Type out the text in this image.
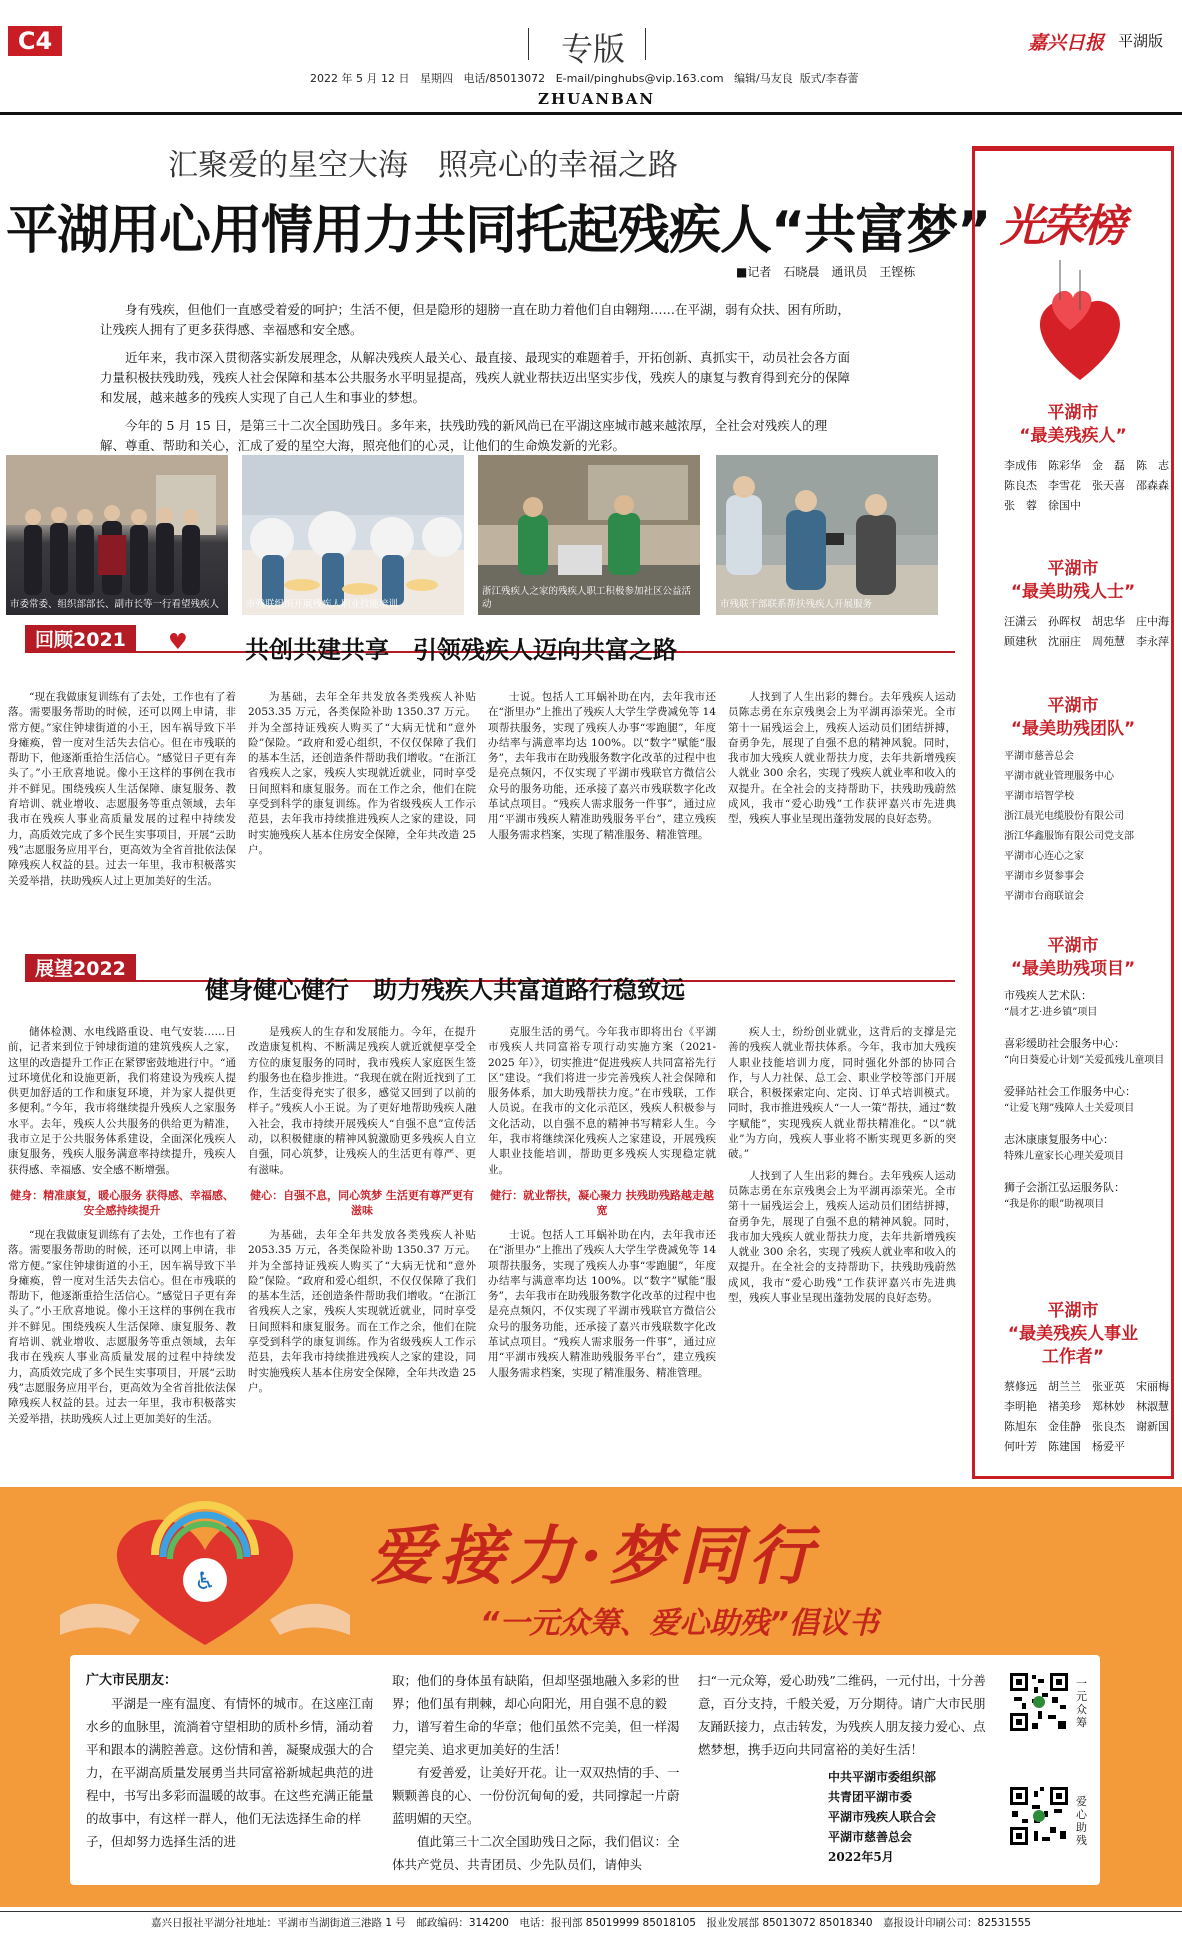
C4	专版
2022 年 5 月 12 日 星期四 电话/85013072 E-mail/pinghubs@vip.163.com 编辑/马友良 版式/李春蕾
ZHUANBAN
嘉兴日报 平湖版
汇聚爱的星空大海　照亮心的幸福之路
平湖用心用情用力共同托起残疾人“共富梦”
■记者　石晓晨　通讯员　王铿栋

身有残疾，但他们一直感受着爱的呵护；生活不便，但是隐形的翅膀一直在助力着他们自由翱翔……在平湖，弱有众扶、困有所助，让残疾人拥有了更多获得感、幸福感和安全感。

近年来，我市深入贯彻落实新发展理念，从解决残疾人最关心、最直接、最现实的难题着手，开拓创新、真抓实干，动员社会各方面力量积极扶残助残，残疾人社会保障和基本公共服务水平明显提高，残疾人就业帮扶迈出坚实步伐，残疾人的康复与教育得到充分的保障和发展，越来越多的残疾人实现了自己人生和事业的梦想。

今年的 5 月 15 日，是第三十二次全国助残日。多年来，扶残助残的新风尚已在平湖这座城市越来越浓厚，全社会对残疾人的理解、尊重、帮助和关心，汇成了爱的星空大海，照亮他们的心灵，让他们的生命焕发新的光彩。

市委常委、组织部部长、副市长等一行看望残疾人	市残联组织开展残疾人职业技能培训
浙江残疾人之家的残疾人职工积极参加社区公益活动	市残联干部联系帮扶残疾人开展服务
回顾2021	♥ 共创共建共享　引领残疾人迈向共富之路

“现在我做康复训练有了去处，工作也有了着落。需要服务帮助的时候，还可以网上申请，非常方便。”家住钟埭街道的小王，因车祸导致下半身瘫痪，曾一度对生活失去信心。但在市残联的帮助下，他逐渐重拾生活信心。“感觉日子更有奔头了。”小王欣喜地说。像小王这样的事例在我市并不鲜见。围绕残疾人生活保障、康复服务、教育培训、就业增收、志愿服务等重点领域，去年我市在残疾人事业高质量发展的过程中持续发力，高质效完成了多个民生实事项目，开展“云助残”志愿服务应用平台，更高效为全省首批依法保障残疾人权益的县。过去一年里，我市积极落实关爱举措，扶助残疾人过上更加美好的生活。

为基础，去年全年共发放各类残疾人补贴 2053.35 万元，各类保险补助 1350.37 万元。并为全部持证残疾人购买了“大病无忧和”意外险”保险。“政府和爱心组织，不仅仅保障了我们的基本生活，还创造条件帮助我们增收。“在浙江省残疾人之家，残疾人实现就近就业，同时享受日间照料和康复服务。而在工作之余，他们在院享受到科学的康复训练。作为省级残疾人工作示范县，去年我市持续推进残疾人之家的建设，同时实施残疾人基本住房安全保障，全年共改造 25 户。

士说。包括人工耳蜗补助在内，去年我市还在“浙里办”上推出了残疾人大学生学费减免等 14 项帮扶服务，实现了残疾人办事“零跑腿”，年度办结率与满意率均达 100%。以“数字”赋能“服务”，去年我市在助残服务数字化改革的过程中也是亮点频闪，不仅实现了平湖市残联官方微信公众号的服务功能，还承接了嘉兴市残联数字化改革试点项目。“残疾人需求服务一件事”，通过应用“平湖市残疾人精准助残服务平台”，建立残疾人服务需求档案，实现了精准服务、精准管理。

人找到了人生出彩的舞台。去年残疾人运动员陈志勇在东京残奥会上为平湖再添荣光。全市第十一届残运会上，残疾人运动员们团结拼搏，奋勇争先，展现了自强不息的精神风貌。同时，我市加大残疾人就业帮扶力度，去年共新增残疾人就业 300 余名，实现了残疾人就业率和收入的双提升。在全社会的支持帮助下，扶残助残蔚然成风，我市“爱心助残”工作获评嘉兴市先进典型，残疾人事业呈现出蓬勃发展的良好态势。

展望2022
健身健心健行　助力残疾人共富道路行稳致远

储体检测、水电线路重设、电气安装……日前，记者来到位于钟埭街道的建筑残疾人之家，这里的改造提升工作正在紧锣密鼓地进行中。“通过环境优化和设施更新，我们将建设为残疾人提供更加舒适的工作和康复环境，并为家人提供更多便利。”今年，我市将继续提升残疾人之家服务水平。去年，残疾人公共服务的供给更为精准，我市立足于公共服务体系建设，全面深化残疾人康复服务，残疾人服务满意率持续提升，残疾人获得感、幸福感、安全感不断增强。

健身：精准康复，暖心服务 获得感、幸福感、安全感持续提升

“现在我做康复训练有了去处，工作也有了着落。需要服务帮助的时候，还可以网上申请，非常方便。”家住钟埭街道的小王，因车祸导致下半身瘫痪，曾一度对生活失去信心。但在市残联的帮助下，他逐渐重拾生活信心。“感觉日子更有奔头了。”小王欣喜地说。像小王这样的事例在我市并不鲜见。围绕残疾人生活保障、康复服务、教育培训、就业增收、志愿服务等重点领域，去年我市在残疾人事业高质量发展的过程中持续发力，高质效完成了多个民生实事项目，开展“云助残”志愿服务应用平台，更高效为全省首批依法保障残疾人权益的县。过去一年里，我市积极落实关爱举措，扶助残疾人过上更加美好的生活。

是残疾人的生存和发展能力。今年，在提升改造康复机构、不断满足残疾人就近就便享受全方位的康复服务的同时，我市残疾人家庭医生签约服务也在稳步推进。“我现在就在附近找到了工作，生活变得充实了很多，感觉又回到了以前的样子。”残疾人小王说。为了更好地帮助残疾人融入社会，我市持续开展残疾人“自强不息”宣传活动，以积极健康的精神风貌激励更多残疾人自立自强，同心筑梦，让残疾人的生活更有尊严、更有滋味。

健心：自强不息，同心筑梦 生活更有尊严更有滋味

为基础，去年全年共发放各类残疾人补贴 2053.35 万元，各类保险补助 1350.37 万元。并为全部持证残疾人购买了“大病无忧和”意外险”保险。“政府和爱心组织，不仅仅保障了我们的基本生活，还创造条件帮助我们增收。“在浙江省残疾人之家，残疾人实现就近就业，同时享受日间照料和康复服务。而在工作之余，他们在院享受到科学的康复训练。作为省级残疾人工作示范县，去年我市持续推进残疾人之家的建设，同时实施残疾人基本住房安全保障，全年共改造 25 户。

克服生活的勇气。今年我市即将出台《平湖市残疾人共同富裕专项行动实施方案（2021-2025 年）》，切实推进“促进残疾人共同富裕先行区”建设。“我们将进一步完善残疾人社会保障和服务体系，加大助残帮扶力度。”在市残联，工作人员说。在我市的文化示范区，残疾人积极参与文化活动，以自强不息的精神书写精彩人生。今年，我市将继续深化残疾人之家建设，开展残疾人职业技能培训，帮助更多残疾人实现稳定就业。

健行：就业帮扶，凝心聚力 扶残助残路越走越宽

士说。包括人工耳蜗补助在内，去年我市还在“浙里办”上推出了残疾人大学生学费减免等 14 项帮扶服务，实现了残疾人办事“零跑腿”，年度办结率与满意率均达 100%。以“数字”赋能“服务”，去年我市在助残服务数字化改革的过程中也是亮点频闪，不仅实现了平湖市残联官方微信公众号的服务功能，还承接了嘉兴市残联数字化改革试点项目。“残疾人需求服务一件事”，通过应用“平湖市残疾人精准助残服务平台”，建立残疾人服务需求档案，实现了精准服务、精准管理。

疾人士，纷纷创业就业，这背后的支撑是完善的残疾人就业帮扶体系。今年，我市加大残疾人职业技能培训力度，同时强化外部的协同合作，与人力社保、总工会、职业学校等部门开展联合，积极探索定向、定岗、订单式培训模式。同时，我市推进残疾人“一人一策”帮扶，通过“数字赋能”，实现残疾人就业帮扶精准化。“以“就业”为方向，残疾人事业将不断实现更多新的突破。”

人找到了人生出彩的舞台。去年残疾人运动员陈志勇在东京残奥会上为平湖再添荣光。全市第十一届残运会上，残疾人运动员们团结拼搏，奋勇争先，展现了自强不息的精神风貌。同时，我市加大残疾人就业帮扶力度，去年共新增残疾人就业 300 余名，实现了残疾人就业率和收入的双提升。在全社会的支持帮助下，扶残助残蔚然成风，我市“爱心助残”工作获评嘉兴市先进典型，残疾人事业呈现出蓬勃发展的良好态势。

光荣榜
平湖市
“最美残疾人”
李成伟　陈彩华　金　磊　陈　志　陈良杰　李雪花　张天喜　邵森森　张　蓉　徐国中
平湖市
“最美助残人士”
汪潇云　孙晖权　胡忠华　庄中海　顾建秋　沈丽庄　周苑慧　李永萍
平湖市
“最美助残团队”
平湖市慈善总会
平湖市就业管理服务中心
平湖市培智学校
浙江晨光电缆股份有限公司
浙江华鑫服饰有限公司党支部
平湖市心连心之家
平湖市乡贤参事会
平湖市台商联谊会
平湖市
“最美助残项目”
市残疾人艺术队：
“晨才艺·进乡镇”项目
喜彩缓助社会服务中心：
“向日葵爱心计划”关爱孤残儿童项目
爱驿站社会工作服务中心：
“让爱飞翔”残障人士关爱项目
志沐康康复服务中心：
特殊儿童家长心理关爱项目
狮子会浙江弘运服务队：
“我是你的眼”助视项目
平湖市
“最美残疾人事业工作者”
蔡修远　胡兰兰　张亚英　宋丽梅　李明艳　褚美珍　郑林妙　林淑慧　陈旭东　金佳静　张良杰　谢新国　何叶芳　陈建国　杨爱平
♿ 爱接力·梦同行
“一元众筹、爱心助残”倡议书
广大市民朋友：

平湖是一座有温度、有情怀的城市。在这座江南水乡的血脉里，流淌着守望相助的质朴乡情，涌动着平和跟本的满腔善意。这份情和善，凝聚成强大的合力，在平湖高质量发展勇当共同富裕新城起典范的进程中，书写出多彩而温暖的故事。在这些充满正能量的故事中，有这样一群人，他们无法选择生命的样子，但却努力选择生活的进

取；他们的身体虽有缺陷，但却坚强地融入多彩的世界；他们虽有荆棘，却心向阳光，用自强不息的毅力，谱写着生命的华章；他们虽然不完美，但一样渴望完美、追求更加美好的生活！

有爱善爱，让美好开花。让一双双热情的手、一颗颗善良的心、一份份沉甸甸的爱，共同撑起一片蔚蓝明媚的天空。

值此第三十二次全国助残日之际，我们倡议：全体共产党员、共青团员、少先队员们，请伸头

扫“一元众筹，爱心助残”二维码，一元付出，十分善意，百分支持，千般关爱，万分期待。请广大市民朋友踊跃接力，点击转发，为残疾人朋友接力爱心、点燃梦想，携手迈向共同富裕的美好生活！

中共平湖市委组织部
共青团平湖市委
平湖市残疾人联合会
平湖市慈善总会
2022年5月
一元众筹
爱心助残
嘉兴日报社平湖分社地址：平湖市当湖街道三港路 1 号　邮政编码：314200　电话：报刊部 85019999 85018105　报业发展部 85013072 85018340　嘉报设计印刷公司：82531555
